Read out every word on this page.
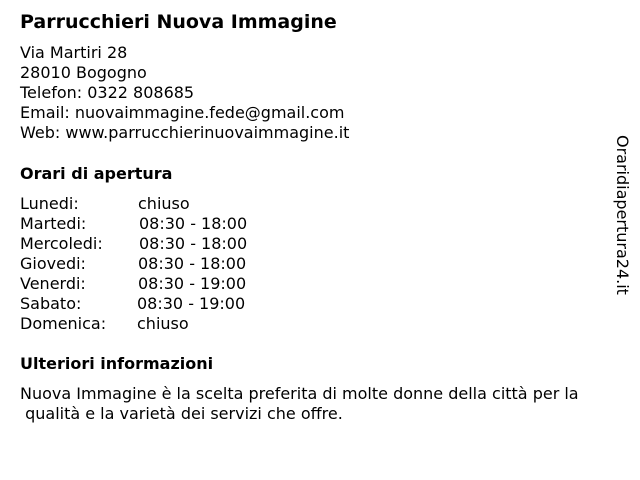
Parrucchieri Nuova Immagine
Via Martiri 28
28010 Bogogno
Telefon: 0322 808685
Email: nuovaimmagine.fede@gmail.com
Web: www.parrucchierinuovaimmagine.it
Orari di apertura
Lunedi:	chiuso
Martedi:	08:30 - 18:00
Mercoledi: 08:30 - 18:00
Giovedi:	08:30 - 18:00
Venerdi:	08:30 - 19:00
Sabato:	08:30 - 19:00
Domenica: chiuso
Ulteriori informazioni
Nuova Immagine è la scelta preferita di molte donne della città per la
qualità e la varietà dei servizi che offre.
Oraridiapertura24.it
